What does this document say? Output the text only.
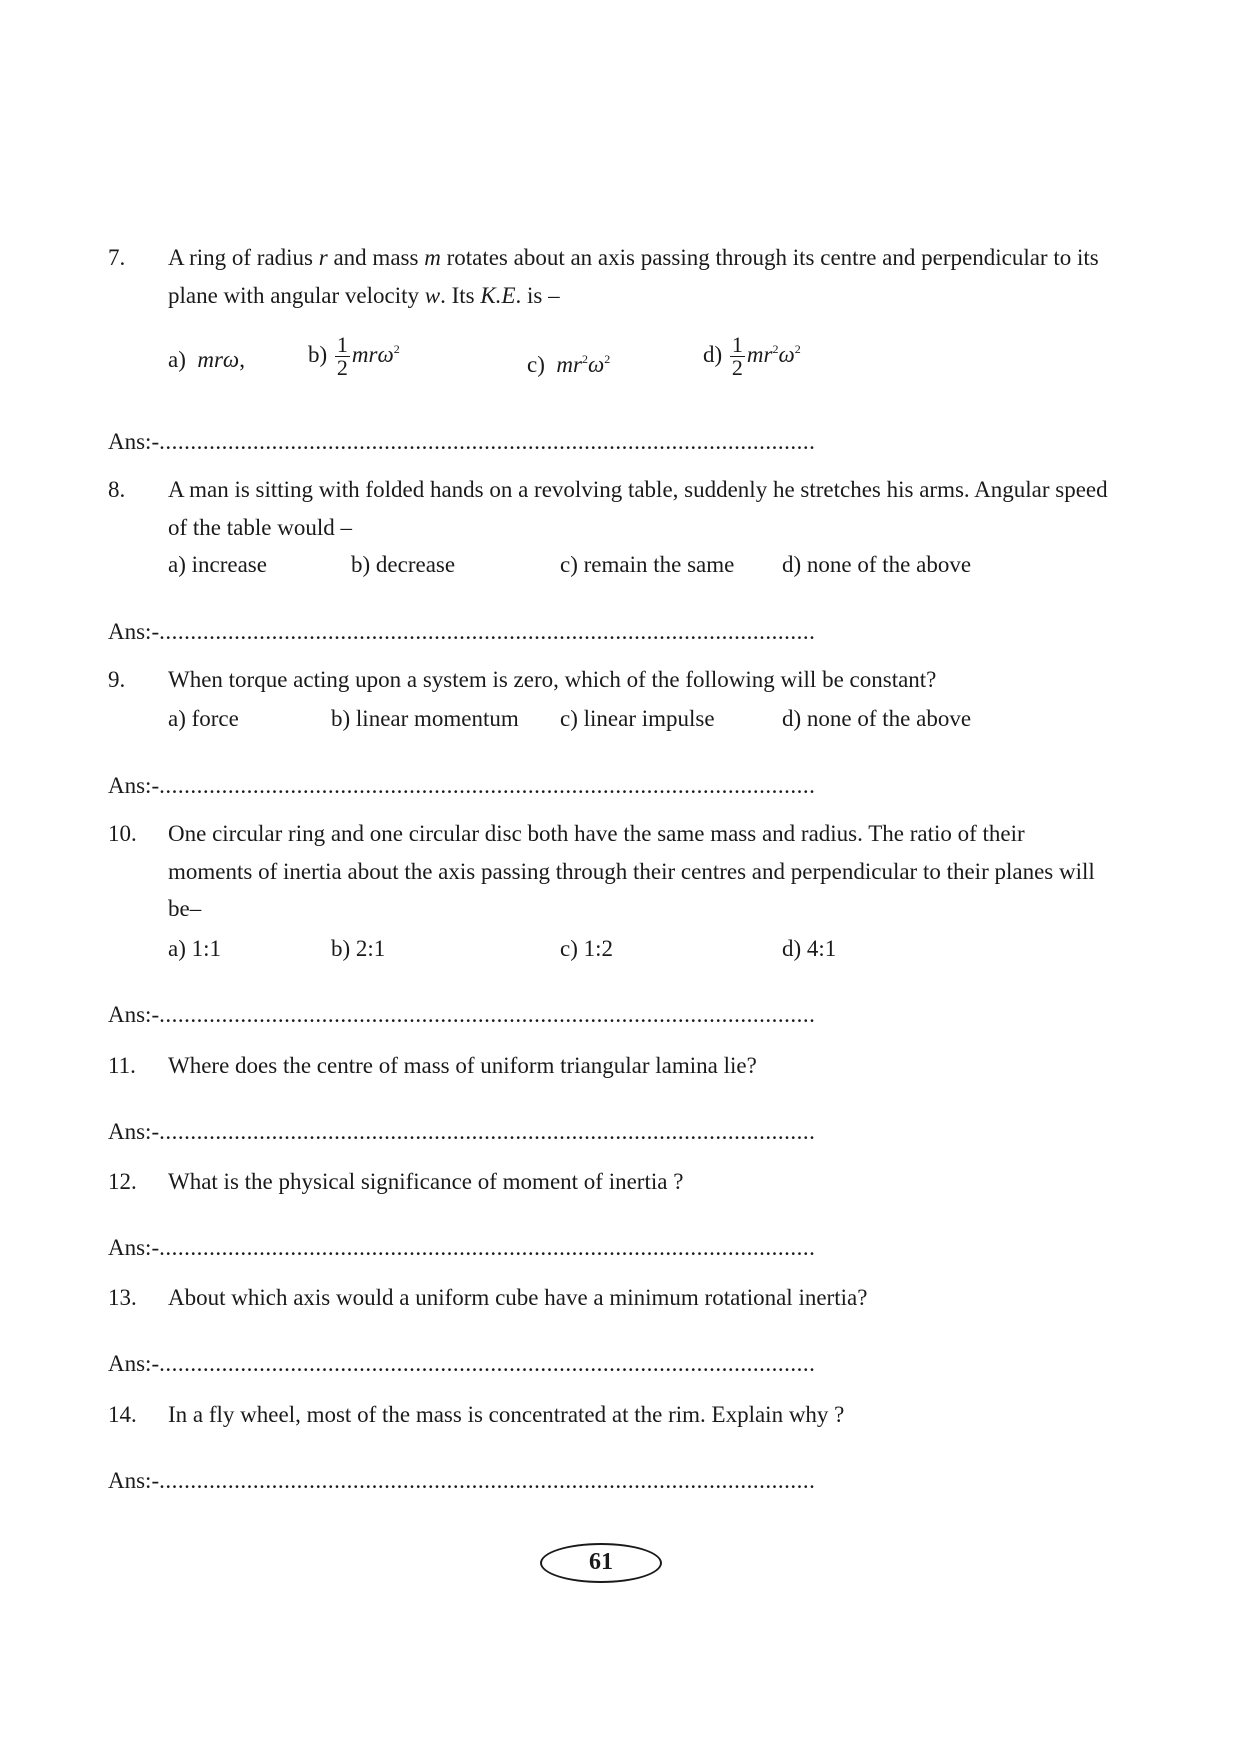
7. A ring of radius r and mass m rotates about an axis passing through its centre and perpendicular to its plane with angular velocity w. Its K.E. is –
a) mrω,	$b) \frac{1}{2} mr\omega^2$
c) $mr^2\omega^2$	$d) \frac{1}{2} mr^2\omega^2$
Ans:-.........................................................................................................
8. A man is sitting with folded hands on a revolving table, suddenly he stretches his arms. Angular speed of the table would –
a) increase	b) decrease	c) remain the same d) none of the above
Ans:-.........................................................................................................
9. When torque acting upon a system is zero, which of the following will be constant?
a) force	b) linear momentum c) linear impulse	d) none of the above
Ans:-.........................................................................................................
10. One circular ring and one circular disc both have the same mass and radius. The ratio of their moments of inertia about the axis passing through their centres and perpendicular to their planes will be–
a) 1:1	b) 2:1	c) 1:2	d) 4:1
Ans:-.........................................................................................................
11. Where does the centre of mass of uniform triangular lamina lie?
Ans:-.........................................................................................................
12. What is the physical significance of moment of inertia ?
Ans:-.........................................................................................................
13. About which axis would a uniform cube have a minimum rotational inertia?
Ans:-.........................................................................................................
14. In a fly wheel, most of the mass is concentrated at the rim. Explain why ?
Ans:-.........................................................................................................
61
